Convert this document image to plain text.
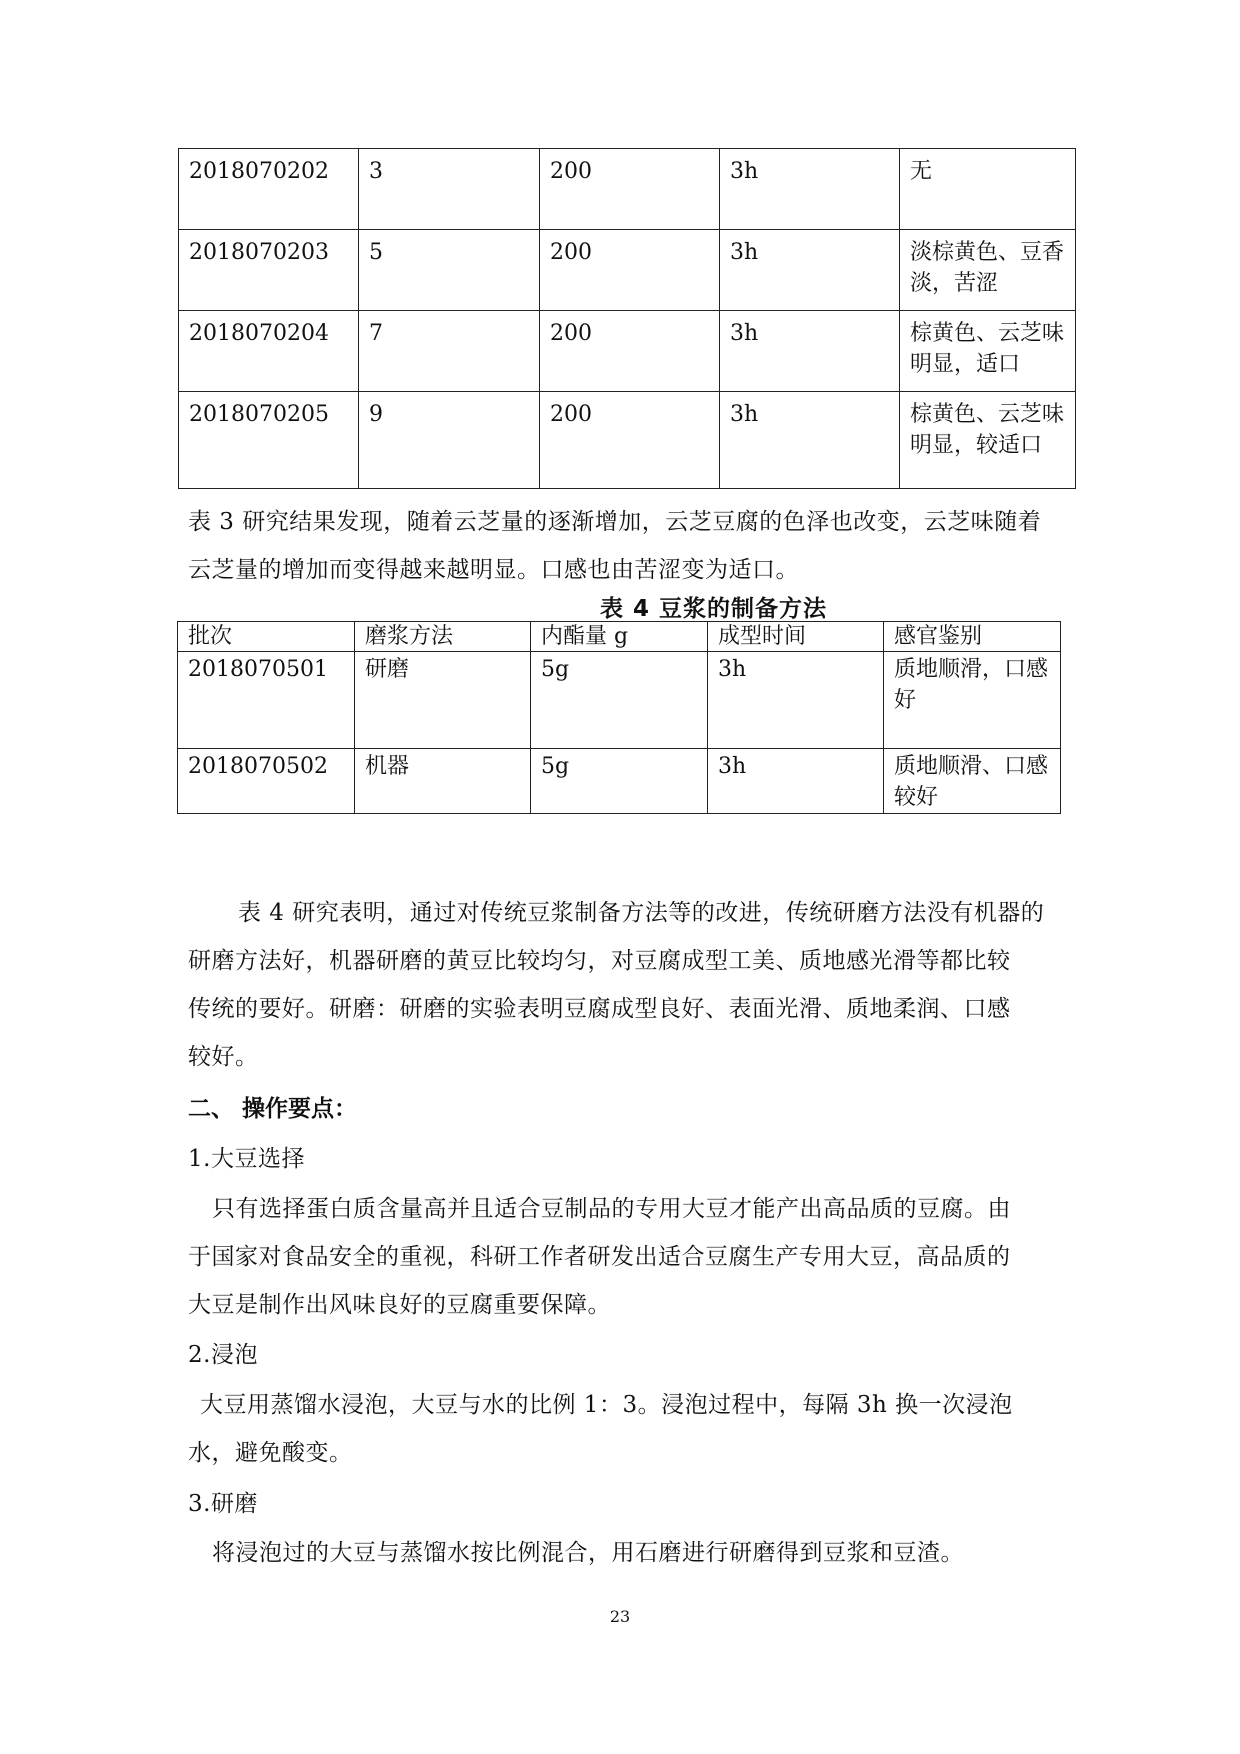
2018070202	3	200	3h	无
2018070203	5	200	3h	淡棕黄色、豆香淡，苦涩
2018070204	7	200	3h	棕黄色、云芝味明显，适口
2018070205	9	200	3h	棕黄色、云芝味明显，较适口
表 3 研究结果发现，随着云芝量的逐渐增加，云芝豆腐的色泽也改变，云芝味随着
云芝量的增加而变得越来越明显。口感也由苦涩变为适口。
表 4 豆浆的制备方法
批次	磨浆方法	内酯量 g	成型时间	感官鉴别
2018070501	研磨	5g	3h	质地顺滑，口感好
2018070502	机器	5g	3h	质地顺滑、口感较好
表 4 研究表明，通过对传统豆浆制备方法等的改进，传统研磨方法没有机器的
研磨方法好，机器研磨的黄豆比较均匀，对豆腐成型工美、质地感光滑等都比较
传统的要好。研磨：研磨的实验表明豆腐成型良好、表面光滑、质地柔润、口感
较好。
二、 操作要点：
1.大豆选择
只有选择蛋白质含量高并且适合豆制品的专用大豆才能产出高品质的豆腐。由
于国家对食品安全的重视，科研工作者研发出适合豆腐生产专用大豆，高品质的
大豆是制作出风味良好的豆腐重要保障。
2.浸泡
大豆用蒸馏水浸泡，大豆与水的比例 1：3。浸泡过程中，每隔 3h 换一次浸泡
水，避免酸变。
3.研磨
将浸泡过的大豆与蒸馏水按比例混合，用石磨进行研磨得到豆浆和豆渣。
23
